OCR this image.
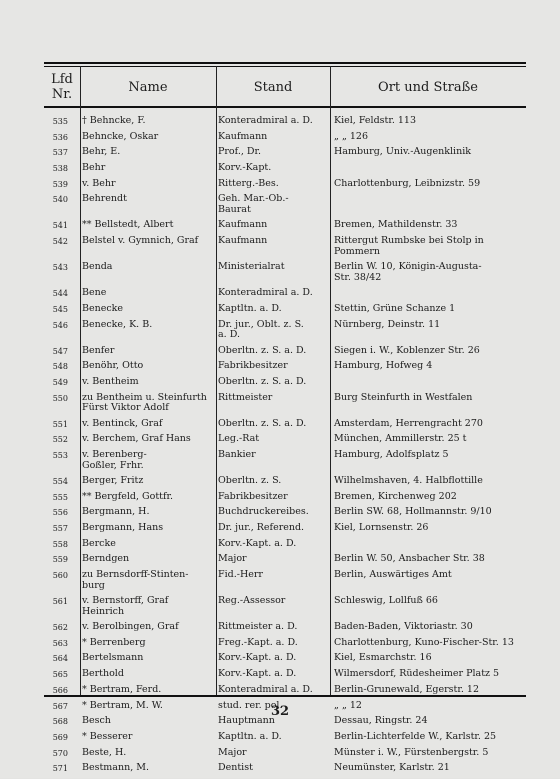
Lfd
Nr.	Name	Stand	Ort und Straße
535 † Behncke, F.	Konteradmiral a. D.	Kiel, Feldstr. 113
536 Behncke, Oskar	Kaufmann	„ „ 126
537 Behr, E.	Prof., Dr.	Hamburg, Univ.-Augenklinik
538 Behr	Korv.-Kapt.
539 v. Behr	Ritterg.-Bes.	Charlottenburg, Leibnizstr. 59
540 Behrendt	Geh. Mar.-Ob.-
Baurat
541 ** Bellstedt, Albert	Kaufmann	Bremen, Mathildenstr. 33
542 Belstel v. Gymnich, Graf	Kaufmann	Rittergut Rumbske bei Stolp in
Pommern
543 Benda	Ministerialrat	Berlin W. 10, Königin-Augusta-
Str. 38/42
544 Bene	Konteradmiral a. D.
545 Benecke	Kaptltn. a. D.	Stettin, Grüne Schanze 1
546 Benecke, K. B.	Dr. jur., Oblt. z. S.
a. D.
Nürnberg, Deinstr. 11
547 Benfer	Oberltn. z. S. a. D.	Siegen i. W., Koblenzer Str. 26
548 Benöhr, Otto	Fabrikbesitzer	Hamburg, Hofweg 4
549 v. Bentheim	Oberltn. z. S. a. D.
550 zu Bentheim u. Steinfurth
Fürst Viktor Adolf
Rittmeister	Burg Steinfurth in Westfalen
551 v. Bentinck, Graf	Oberltn. z. S. a. D.	Amsterdam, Herrengracht 270
552 v. Berchem, Graf Hans	Leg.-Rat	München, Ammillerstr. 25 t
553 v. Berenberg-
Goßler, Frhr.
Bankier	Hamburg, Adolfsplatz 5
554 Berger, Fritz	Oberltn. z. S.	Wilhelmshaven, 4. Halbflottille
555 ** Bergfeld, Gottfr.	Fabrikbesitzer	Bremen, Kirchenweg 202
556 Bergmann, H.	Buchdruckereibes.	Berlin SW. 68, Hollmannstr. 9/10
557 Bergmann, Hans	Dr. jur., Referend.	Kiel, Lornsenstr. 26
558 Bercke	Korv.-Kapt. a. D.
559 Berndgen	Major	Berlin W. 50, Ansbacher Str. 38
560 zu Bernsdorff-Stinten-
burg
Fid.-Herr	Berlin, Auswärtiges Amt
561 v. Bernstorff, Graf
Heinrich
Reg.-Assessor	Schleswig, Lollfuß 66
562 v. Berolbingen, Graf	Rittmeister a. D.	Baden-Baden, Viktoriastr. 30
563 * Berrenberg	Freg.-Kapt. a. D.	Charlottenburg, Kuno-Fischer-Str. 13
564 Bertelsmann	Korv.-Kapt. a. D.	Kiel, Esmarchstr. 16
565 Berthold	Korv.-Kapt. a. D.	Wilmersdorf, Rüdesheimer Platz 5
566 * Bertram, Ferd.	Konteradmiral a. D.	Berlin-Grunewald, Egerstr. 12
567 * Bertram, M. W.	stud. rer. pol.	„ „ 12
568 Besch	Hauptmann	Dessau, Ringstr. 24
569 * Besserer	Kaptltn. a. D.	Berlin-Lichterfelde W., Karlstr. 25
570 Beste, H.	Major	Münster i. W., Fürstenbergstr. 5
571 Bestmann, M.	Dentist	Neumünster, Karlstr. 21
32
